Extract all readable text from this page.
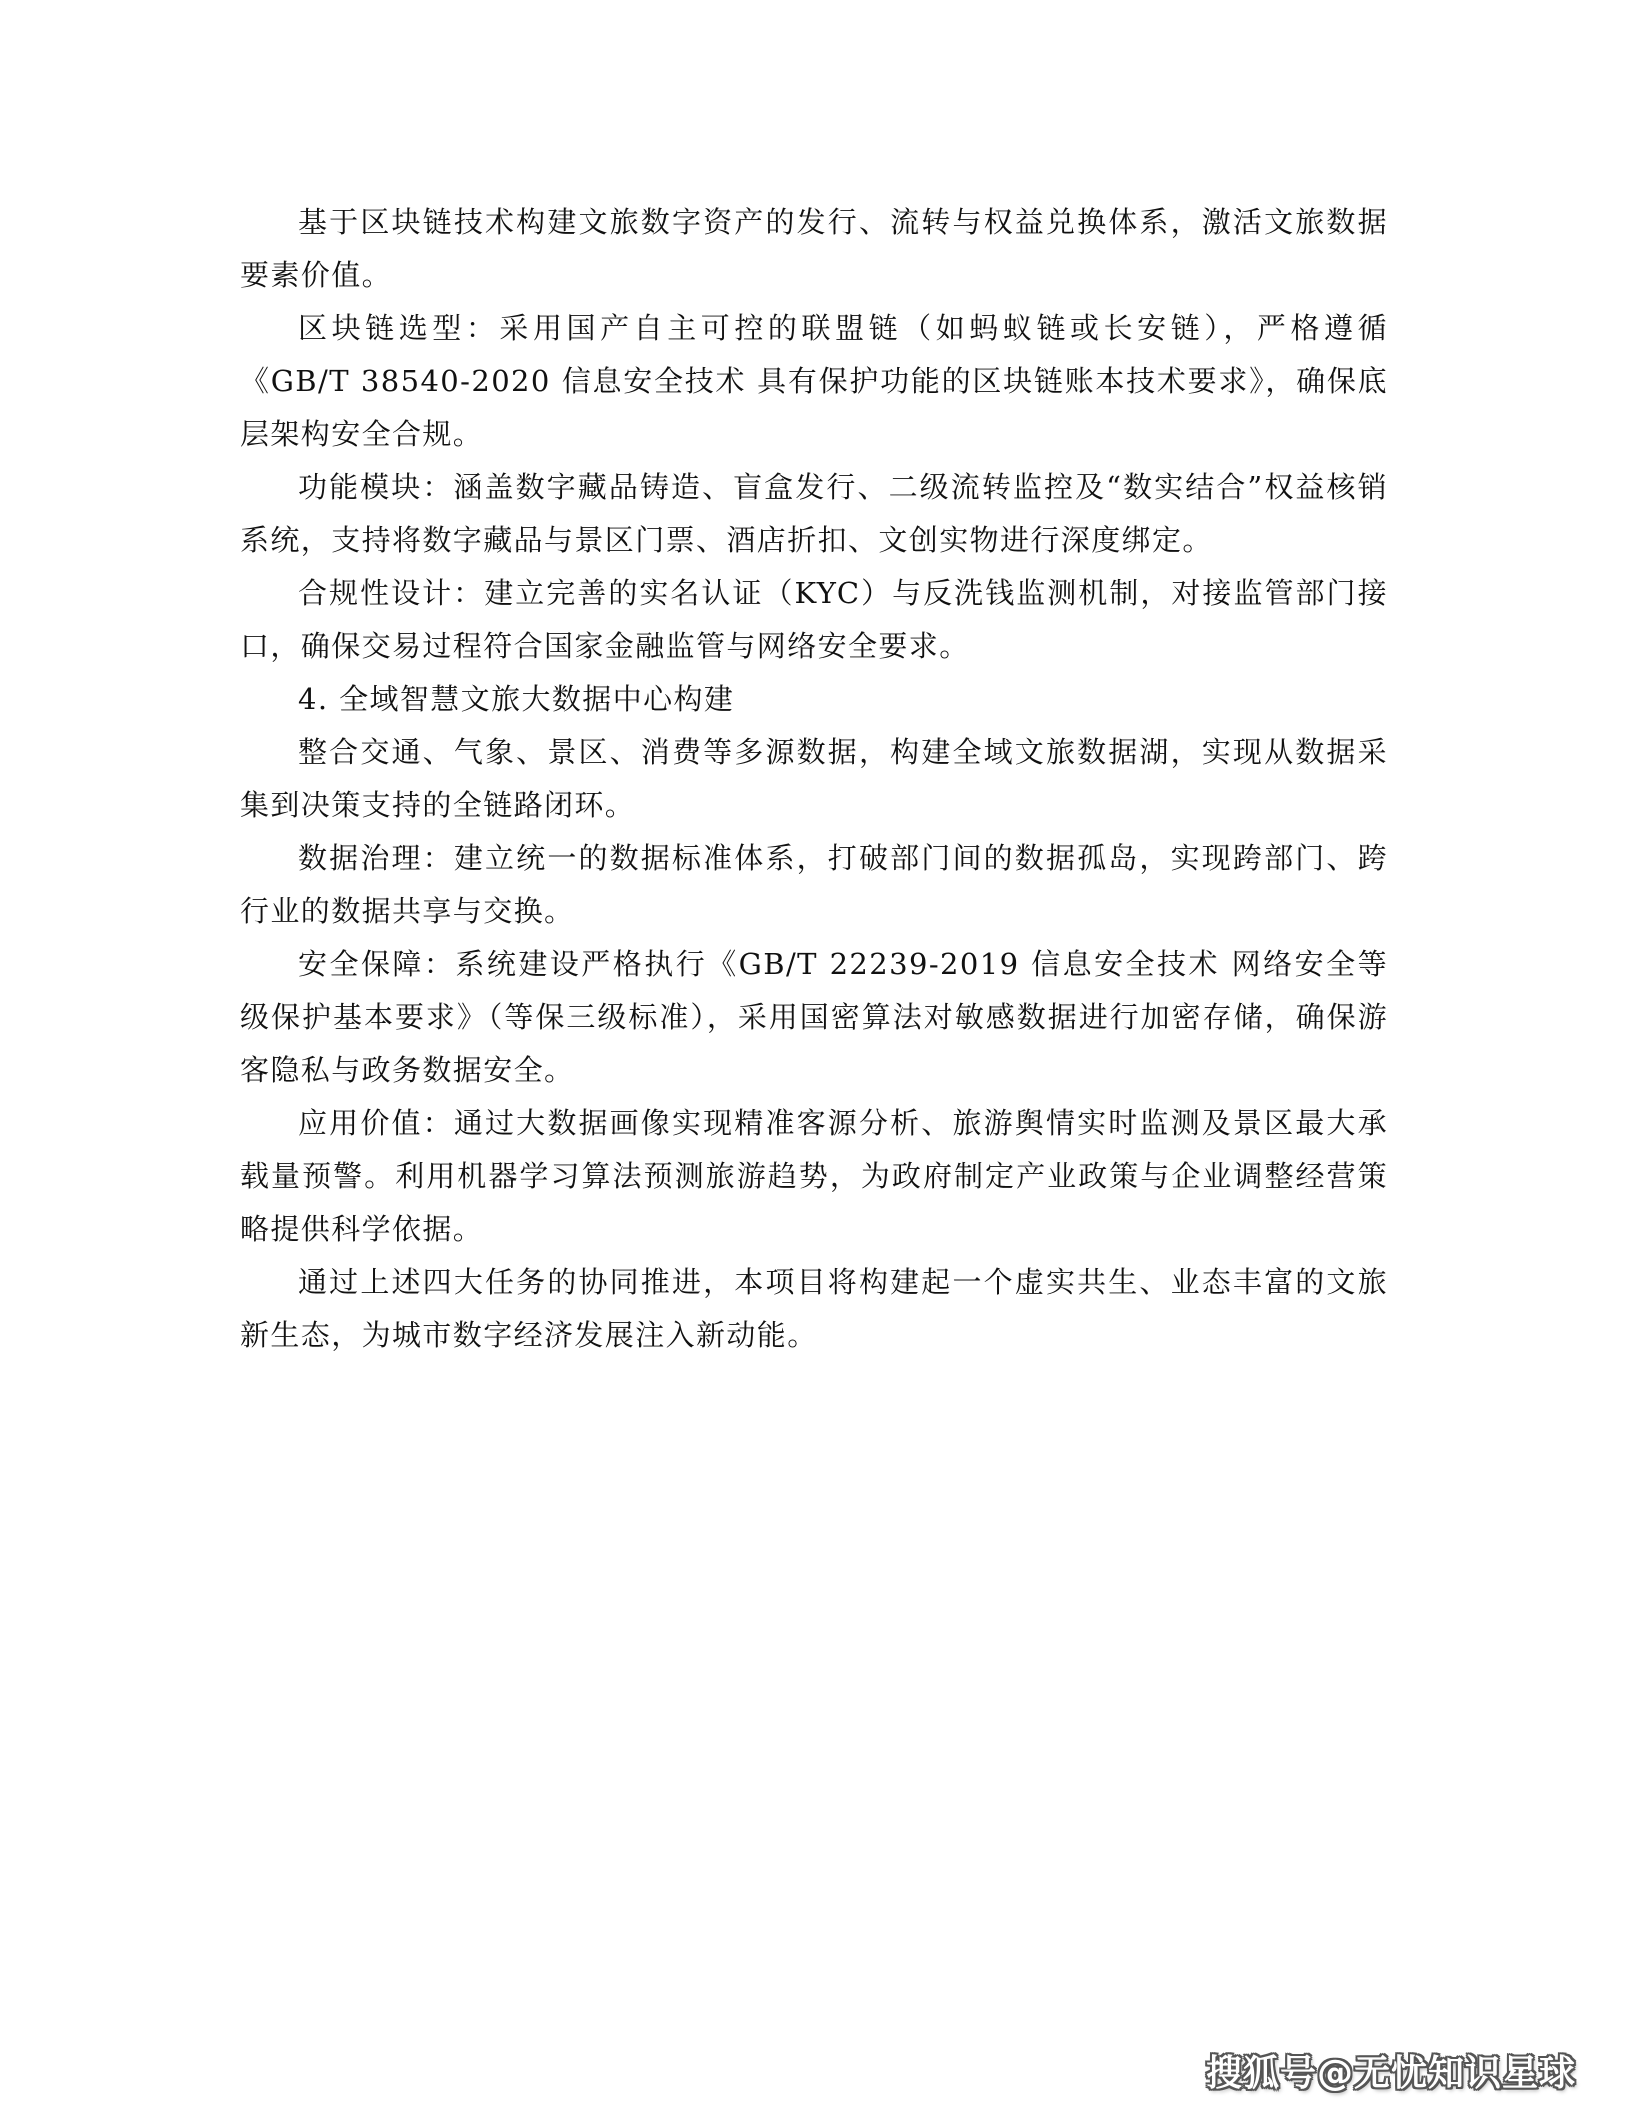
基于区块链技术构建文旅数字资产的发行、流转与权益兑换体系，激活文旅数据要素价值。

区块链选型：采用国产自主可控的联盟链（如蚂蚁链或长安链），严格遵循《GB/T 38540-2020 信息安全技术 具有保护功能的区块链账本技术要求》，确保底层架构安全合规。

功能模块：涵盖数字藏品铸造、盲盒发行、二级流转监控及“数实结合”权益核销系统，支持将数字藏品与景区门票、酒店折扣、文创实物进行深度绑定。

合规性设计：建立完善的实名认证（KYC）与反洗钱监测机制，对接监管部门接口，确保交易过程符合国家金融监管与网络安全要求。

4. 全域智慧文旅大数据中心构建

整合交通、气象、景区、消费等多源数据，构建全域文旅数据湖，实现从数据采集到决策支持的全链路闭环。

数据治理：建立统一的数据标准体系，打破部门间的数据孤岛，实现跨部门、跨行业的数据共享与交换。

安全保障：系统建设严格执行《GB/T 22239-2019 信息安全技术 网络安全等级保护基本要求》（等保三级标准），采用国密算法对敏感数据进行加密存储，确保游客隐私与政务数据安全。

应用价值：通过大数据画像实现精准客源分析、旅游舆情实时监测及景区最大承载量预警。利用机器学习算法预测旅游趋势，为政府制定产业政策与企业调整经营策略提供科学依据。

通过上述四大任务的协同推进，本项目将构建起一个虚实共生、业态丰富的文旅新生态，为城市数字经济发展注入新动能。

搜狐号@无忧知识星球
